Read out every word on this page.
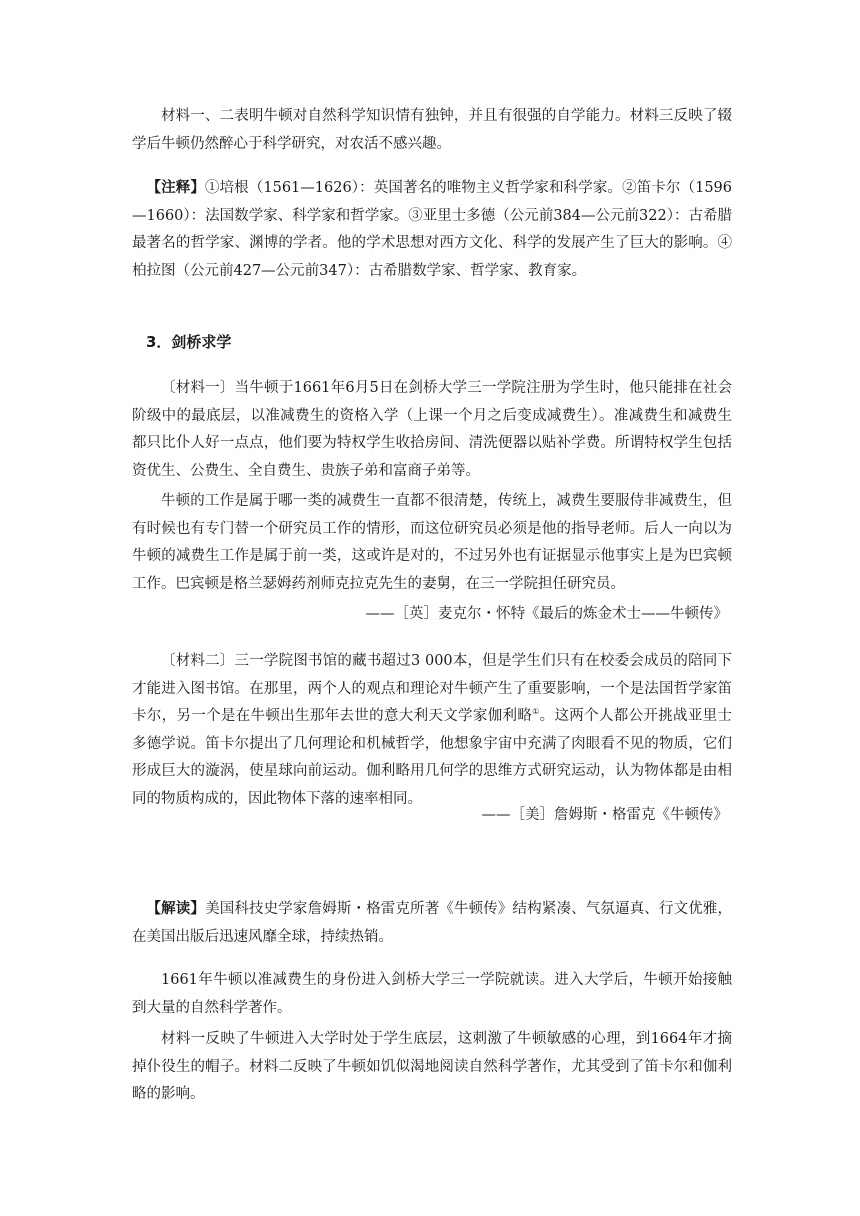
材料一、二表明牛顿对自然科学知识情有独钟，并且有很强的自学能力。材料三反映了辍学后牛顿仍然醉心于科学研究，对农活不感兴趣。

【注释】①培根（1561—1626）：英国著名的唯物主义哲学家和科学家。②笛卡尔（1596—1660）：法国数学家、科学家和哲学家。③亚里士多德（公元前384—公元前322）：古希腊最著名的哲学家、渊博的学者。他的学术思想对西方文化、科学的发展产生了巨大的影响。④柏拉图（公元前427—公元前347）：古希腊数学家、哲学家、教育家。

3．剑桥求学

〔材料一〕当牛顿于1661年6月5日在剑桥大学三一学院注册为学生时，他只能排在社会阶级中的最底层，以准减费生的资格入学（上课一个月之后变成减费生）。准减费生和减费生都只比仆人好一点点，他们要为特权学生收拾房间、清洗便器以贴补学费。所谓特权学生包括资优生、公费生、全自费生、贵族子弟和富商子弟等。

牛顿的工作是属于哪一类的减费生一直都不很清楚，传统上，减费生要服侍非减费生，但有时候也有专门替一个研究员工作的情形，而这位研究员必须是他的指导老师。后人一向以为牛顿的减费生工作是属于前一类，这或许是对的，不过另外也有证据显示他事实上是为巴宾顿工作。巴宾顿是格兰瑟姆药剂师克拉克先生的妻舅，在三一学院担任研究员。

——［英］麦克尔・怀特《最后的炼金术士——牛顿传》

〔材料二〕三一学院图书馆的藏书超过3 000本，但是学生们只有在校委会成员的陪同下才能进入图书馆。在那里，两个人的观点和理论对牛顿产生了重要影响，一个是法国哲学家笛卡尔，另一个是在牛顿出生那年去世的意大利天文学家伽利略①。这两个人都公开挑战亚里士多德学说。笛卡尔提出了几何理论和机械哲学，他想象宇宙中充满了肉眼看不见的物质，它们形成巨大的漩涡，使星球向前运动。伽利略用几何学的思维方式研究运动，认为物体都是由相同的物质构成的，因此物体下落的速率相同。

——［美］詹姆斯・格雷克《牛顿传》

【解读】美国科技史学家詹姆斯・格雷克所著《牛顿传》结构紧凑、气氛逼真、行文优雅，在美国出版后迅速风靡全球，持续热销。

1661年牛顿以准减费生的身份进入剑桥大学三一学院就读。进入大学后，牛顿开始接触到大量的自然科学著作。

材料一反映了牛顿进入大学时处于学生底层，这刺激了牛顿敏感的心理，到1664年才摘掉仆役生的帽子。材料二反映了牛顿如饥似渴地阅读自然科学著作，尤其受到了笛卡尔和伽利略的影响。
